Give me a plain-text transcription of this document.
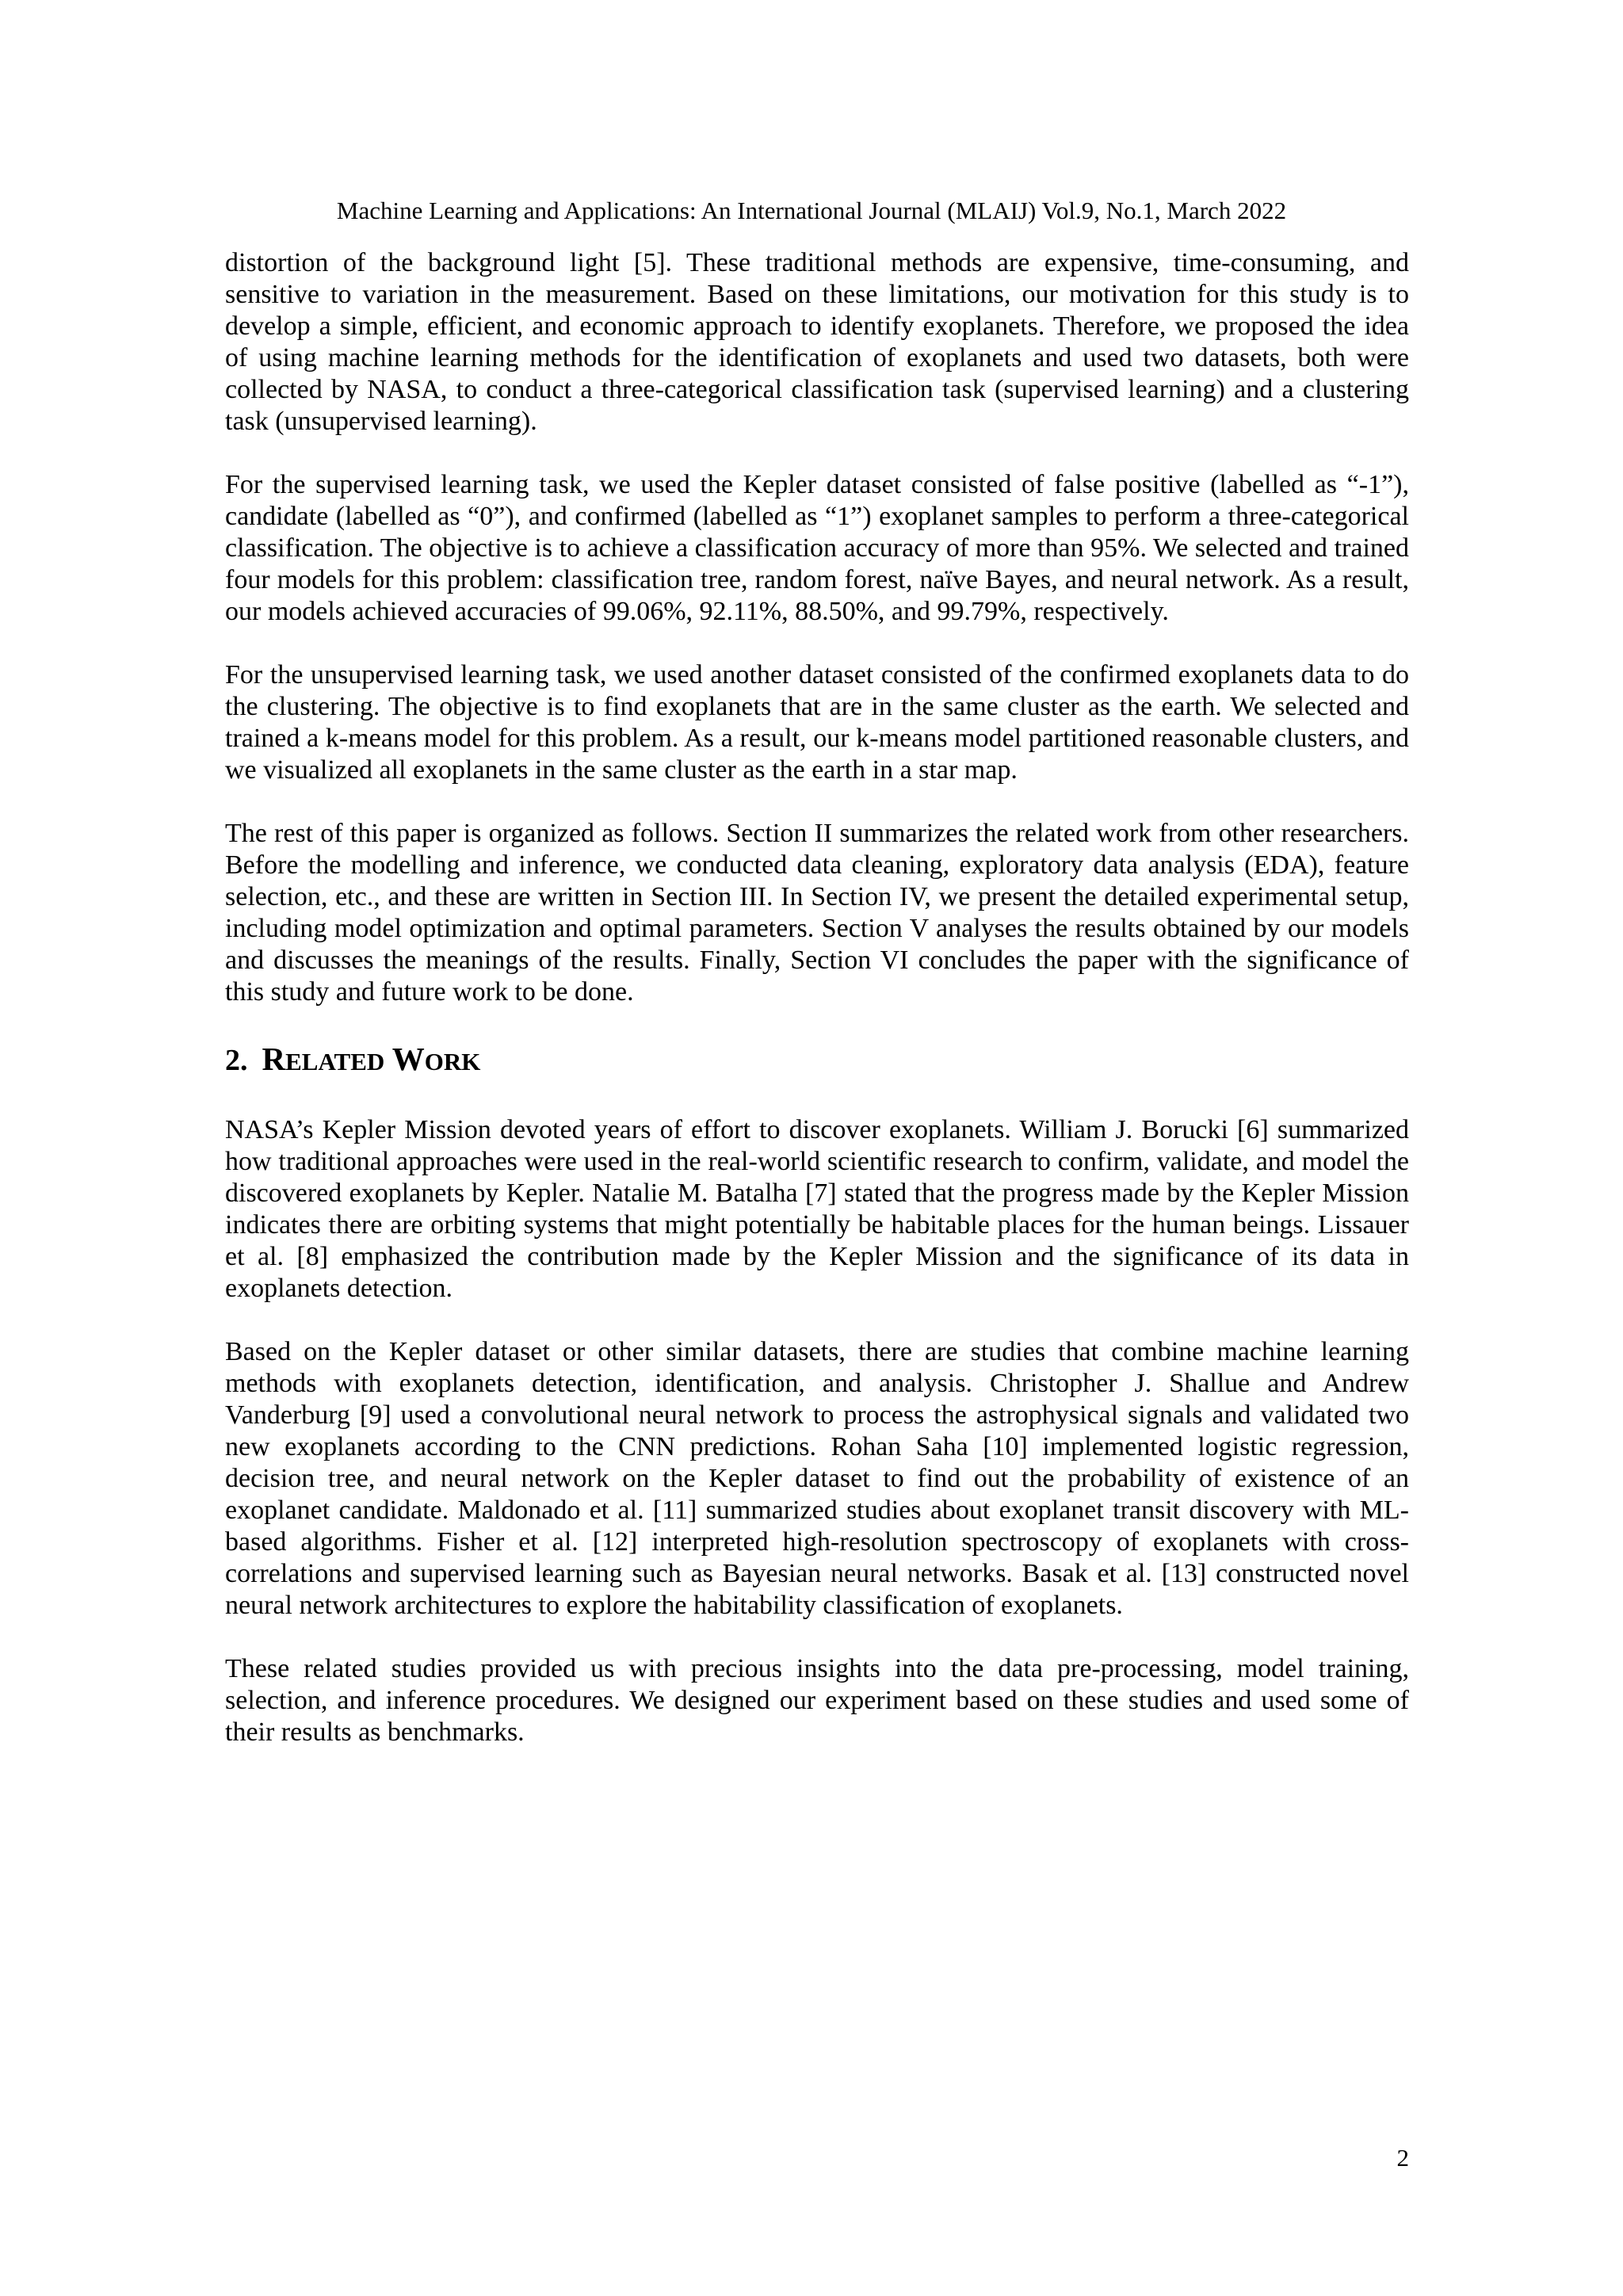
Machine Learning and Applications: An International Journal (MLAIJ) Vol.9, No.1, March 2022

distortion of the background light [5]. These traditional methods are expensive, time-consuming, and sensitive to variation in the measurement. Based on these limitations, our motivation for this study is to develop a simple, efficient, and economic approach to identify exoplanets. Therefore, we proposed the idea of using machine learning methods for the identification of exoplanets and used two datasets, both were collected by NASA, to conduct a three-categorical classification task (supervised learning) and a clustering task (unsupervised learning).

For the supervised learning task, we used the Kepler dataset consisted of false positive (labelled as “-1”), candidate (labelled as “0”), and confirmed (labelled as “1”) exoplanet samples to perform a three-categorical classification. The objective is to achieve a classification accuracy of more than 95%. We selected and trained four models for this problem: classification tree, random forest, naïve Bayes, and neural network. As a result, our models achieved accuracies of 99.06%, 92.11%, 88.50%, and 99.79%, respectively.

For the unsupervised learning task, we used another dataset consisted of the confirmed exoplanets data to do the clustering. The objective is to find exoplanets that are in the same cluster as the earth. We selected and trained a k-means model for this problem. As a result, our k-means model partitioned reasonable clusters, and we visualized all exoplanets in the same cluster as the earth in a star map.

The rest of this paper is organized as follows. Section II summarizes the related work from other researchers. Before the modelling and inference, we conducted data cleaning, exploratory data analysis (EDA), feature selection, etc., and these are written in Section III. In Section IV, we present the detailed experimental setup, including model optimization and optimal parameters. Section V analyses the results obtained by our models and discusses the meanings of the results. Finally, Section VI concludes the paper with the significance of this study and future work to be done.

2. RELATED WORK

NASA’s Kepler Mission devoted years of effort to discover exoplanets. William J. Borucki [6] summarized how traditional approaches were used in the real-world scientific research to confirm, validate, and model the discovered exoplanets by Kepler. Natalie M. Batalha [7] stated that the progress made by the Kepler Mission indicates there are orbiting systems that might potentially be habitable places for the human beings. Lissauer et al. [8] emphasized the contribution made by the Kepler Mission and the significance of its data in exoplanets detection.

Based on the Kepler dataset or other similar datasets, there are studies that combine machine learning methods with exoplanets detection, identification, and analysis. Christopher J. Shallue and Andrew Vanderburg [9] used a convolutional neural network to process the astrophysical signals and validated two new exoplanets according to the CNN predictions. Rohan Saha [10] implemented logistic regression, decision tree, and neural network on the Kepler dataset to find out the probability of existence of an exoplanet candidate. Maldonado et al. [11] summarized studies about exoplanet transit discovery with ML-based algorithms. Fisher et al. [12] interpreted high-resolution spectroscopy of exoplanets with cross-correlations and supervised learning such as Bayesian neural networks. Basak et al. [13] constructed novel neural network architectures to explore the habitability classification of exoplanets.

These related studies provided us with precious insights into the data pre-processing, model training, selection, and inference procedures. We designed our experiment based on these studies and used some of their results as benchmarks.

2
